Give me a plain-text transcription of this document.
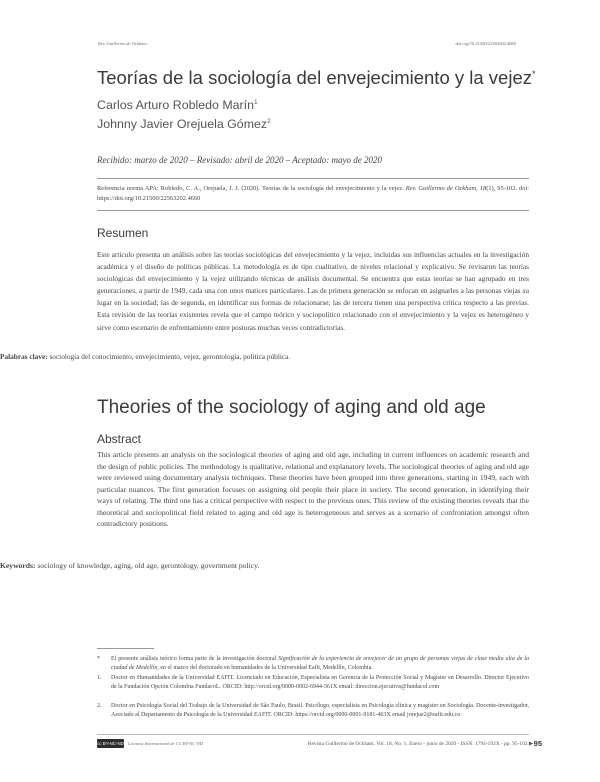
Rev. Guillermo de Ockham.	doi.org/10.21500/22563202.4660
Teorías de la sociología del envejecimiento y la vejez*
Carlos Arturo Robledo Marín$^1$
Johnny Javier Orejuela Gómez$^2$
Recibido: marzo de 2020 – Revisado: abril de 2020 – Aceptado: mayo de 2020
Referencia norma APA: Robledo, C. A., Orejuela, J. J. (2020). Teorías de la sociología del envejecimiento y la vejez. Rev. Guillermo de Ockham, 18(1), 95-102. doi: https://doi.org/10.21500/22563202.4660
Resumen
Este artículo presenta un análisis sobre las teorías sociológicas del envejecimiento y la vejez, incluidas sus influencias actuales en la investigación académica y el diseño de políticas públicas. La metodología es de tipo cualitativo, de niveles relacional y explicativo. Se revisaron las teorías sociológicas del envejecimiento y la vejez utilizando técnicas de análisis documental. Se encuentra que estas teorías se han agrupado en tres generaciones, a partir de 1949, cada una con unos matices particulares. Las de primera generación se enfocan en asignarles a las personas viejas su lugar en la sociedad; las de segunda, en identificar sus formas de relacionarse; las de tercera tienen una perspectiva crítica respecto a las previas. Esta revisión de las teorías existentes revela que el campo teórico y sociopolítico relacionado con el envejecimiento y la vejez es heterogéneo y sirve como escenario de enfrentamiento entre posturas muchas veces contradictorias.
Palabras clave: sociología del conocimiento, envejecimiento, vejez, gerontología, política pública.
Theories of the sociology of aging and old age
Abstract
This article presents an analysis on the sociological theories of aging and old age, including in current influences on academic research and the design of public policies. The methodology is qualitative, relational and explanatory levels. The sociological theories of aging and old age were reviewed using documentary analysis techniques. These theories have been grouped into three generations, starting in 1949, each with particular nuances. The first generation focuses on assigning old people their place in society. The second generation, in identifying their ways of relating. The third one has a critical perspective with respect to the previous ones. This review of the existing theories reveals that the theoretical and sociopolitical field related to aging and old age is heterogeneous and serves as a scenario of confrontation amongst often contradictory positions.
Keywords: sociology of knowledge, aging, old age, gerontology, government policy.
*	El presente análisis teórico forma parte de la investigación doctoral Significación de la experiencia de envejecer de un grupo de personas viejas de clase media alta de la ciudad de Medellín, en el marco del doctorado en humanidades de la Universidad Eafit, Medellín, Colombia.
1.	Doctor en Humanidades de la Universidad EAFIT. Licenciado en Educación, Especialista en Gerencia de la Protección Social y Magíster en Desarrollo. Director Ejecutivo de la Fundación Opción Colombia FundacoL. ORCID: http://orcid.org/0000-0002-6944-561X email: direccion.ejecutiva@fundacol.com
2.	Doctor en Psicología Social del Trabajo de la Universidad de São Paulo, Brasil. Psicólogo, especialista en Psicología clínica y magíster en Sociología. Docente-investigador, Asociado al Departamento de Psicología de la Universidad EAFIT. ORCID: https://orcid.org/0000-0001-9181-463X email jorejue2@eafit.edu.co
cc BY-NC-ND Licencia Internacional de CC BY-NC-ND	Revista Guillermo de Ockham. Vol. 18, No. 1. Enero - junio de 2020 - ISSN: 1794-192X - pp. 95-102 ▶ 95
